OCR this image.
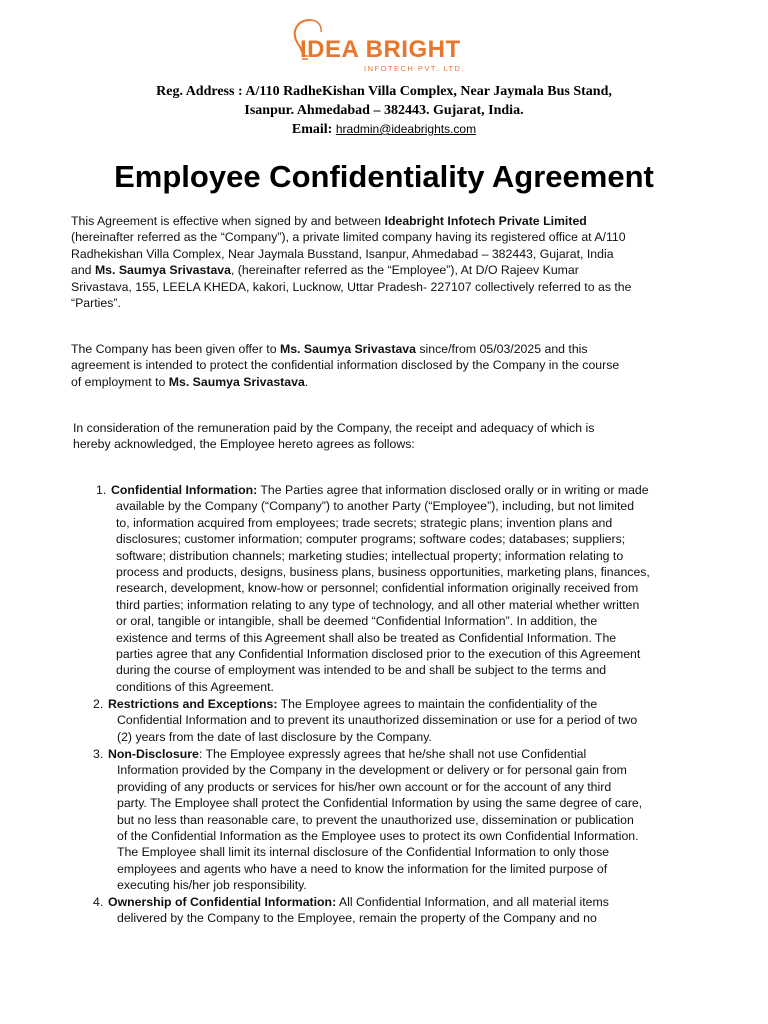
IDEA BRIGHT
INFOTECH PVT. LTD.
Reg. Address : A/110 RadheKishan Villa Complex, Near Jaymala Bus Stand,
Isanpur. Ahmedabad – 382443. Gujarat, India.
Email: hradmin@ideabrights.com
Employee Confidentiality Agreement
This Agreement is effective when signed by and between Ideabright Infotech Private Limited
(hereinafter referred as the “Company”), a private limited company having its registered office at A/110
Radhekishan Villa Complex, Near Jaymala Busstand, Isanpur, Ahmedabad – 382443, Gujarat, India
and Ms. Saumya Srivastava, (hereinafter referred as the “Employee”), At D/O Rajeev Kumar
Srivastava, 155, LEELA KHEDA, kakori, Lucknow, Uttar Pradesh- 227107 collectively referred to as the
“Parties”.
The Company has been given offer to Ms. Saumya Srivastava since/from 05/03/2025 and this
agreement is intended to protect the confidential information disclosed by the Company in the course
of employment to Ms. Saumya Srivastava.
In consideration of the remuneration paid by the Company, the receipt and adequacy of which is
hereby acknowledged, the Employee hereto agrees as follows:
1. Confidential Information: The Parties agree that information disclosed orally or in writing or made
available by the Company (“Company”) to another Party (“Employee”), including, but not limited
to, information acquired from employees; trade secrets; strategic plans; invention plans and
disclosures; customer information; computer programs; software codes; databases; suppliers;
software; distribution channels; marketing studies; intellectual property; information relating to
process and products, designs, business plans, business opportunities, marketing plans, finances,
research, development, know-how or personnel; confidential information originally received from
third parties; information relating to any type of technology, and all other material whether written
or oral, tangible or intangible, shall be deemed “Confidential Information”. In addition, the
existence and terms of this Agreement shall also be treated as Confidential Information. The
parties agree that any Confidential Information disclosed prior to the execution of this Agreement
during the course of employment was intended to be and shall be subject to the terms and
conditions of this Agreement.
2. Restrictions and Exceptions: The Employee agrees to maintain the confidentiality of the
Confidential Information and to prevent its unauthorized dissemination or use for a period of two
(2) years from the date of last disclosure by the Company.
3. Non-Disclosure: The Employee expressly agrees that he/she shall not use Confidential
Information provided by the Company in the development or delivery or for personal gain from
providing of any products or services for his/her own account or for the account of any third
party. The Employee shall protect the Confidential Information by using the same degree of care,
but no less than reasonable care, to prevent the unauthorized use, dissemination or publication
of the Confidential Information as the Employee uses to protect its own Confidential Information.
The Employee shall limit its internal disclosure of the Confidential Information to only those
employees and agents who have a need to know the information for the limited purpose of
executing his/her job responsibility.
4. Ownership of Confidential Information: All Confidential Information, and all material items
delivered by the Company to the Employee, remain the property of the Company and no
